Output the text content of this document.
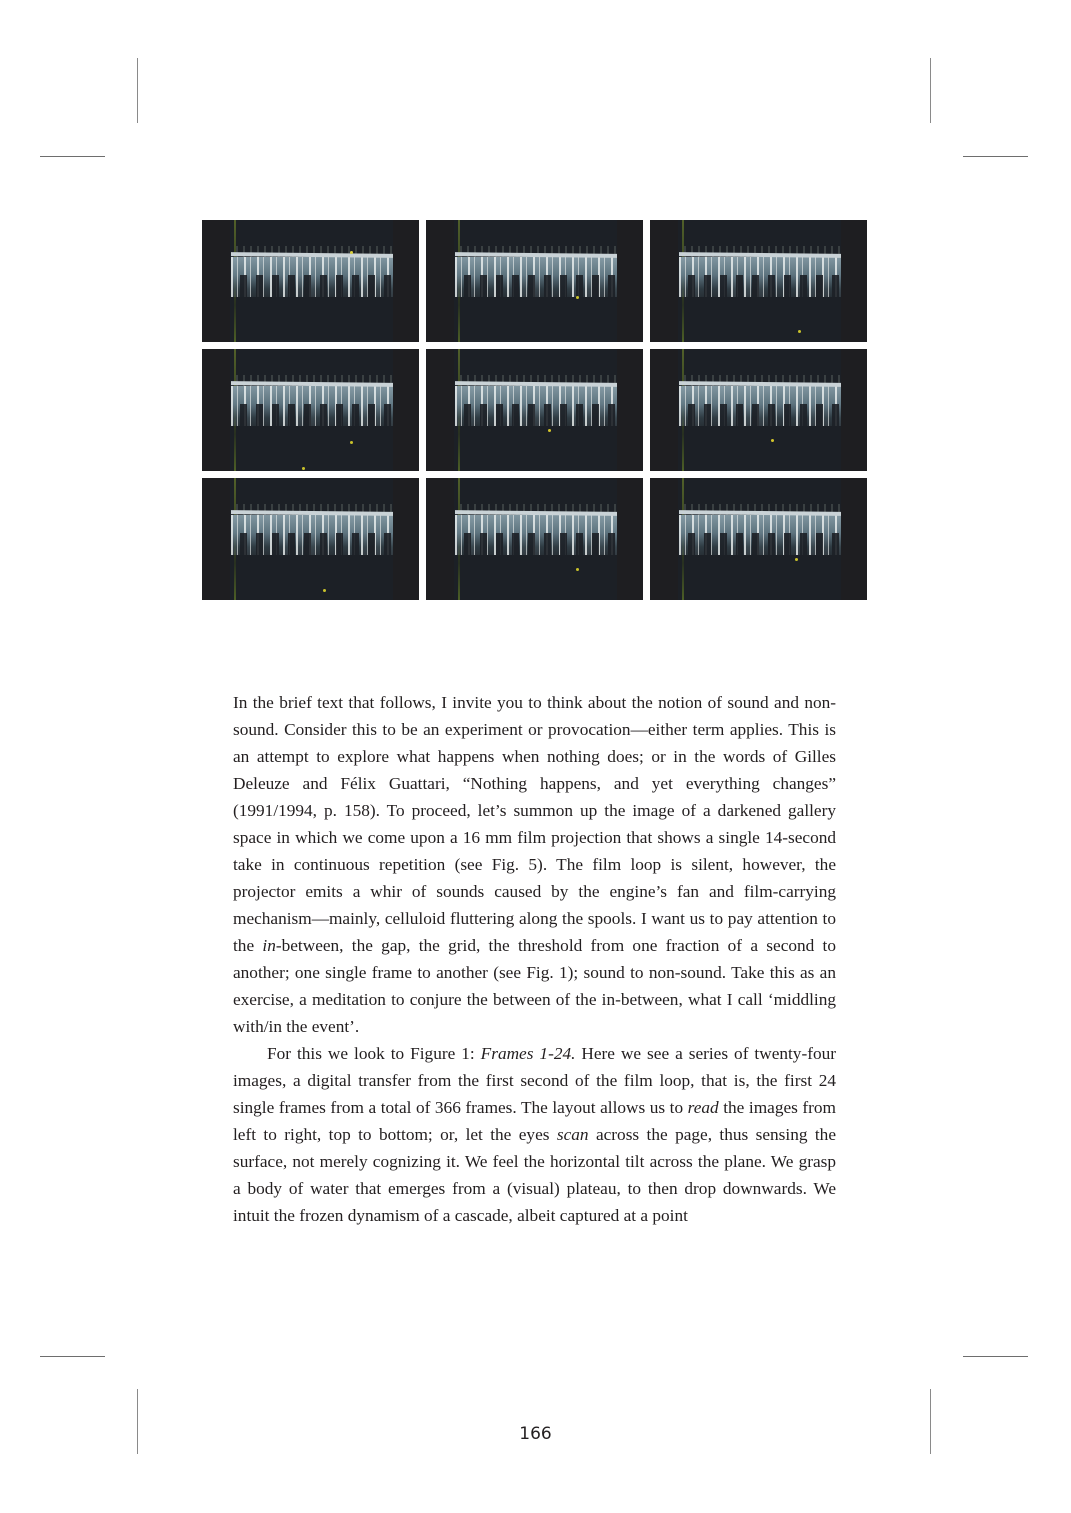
In the brief text that follows, I invite you to think about the notion of sound and non-sound. Consider this to be an experiment or provocation—either term applies. This is an attempt to explore what happens when nothing does; or in the words of Gilles Deleuze and Félix Guattari, “Nothing happens, and yet everything changes” (1991/1994, p. 158). To proceed, let’s summon up the image of a darkened gallery space in which we come upon a 16 mm film projection that shows a single 14-second take in continuous repetition (see Fig. 5). The film loop is silent, however, the projector emits a whir of sounds caused by the engine’s fan and film-carrying mechanism—mainly, celluloid fluttering along the spools. I want us to pay attention to the in-between, the gap, the grid, the threshold from one fraction of a second to another; one single frame to another (see Fig. 1); sound to non-sound. Take this as an exercise, a meditation to conjure the between of the in-between, what I call ‘middling with/in the event’.

For this we look to Figure 1: Frames 1-24. Here we see a series of twenty-four images, a digital transfer from the first second of the film loop, that is, the first 24 single frames from a total of 366 frames. The layout allows us to read the images from left to right, top to bottom; or, let the eyes scan across the page, thus sensing the surface, not merely cognizing it. We feel the horizontal tilt across the plane. We grasp a body of water that emerges from a (visual) plateau, to then drop downwards. We intuit the frozen dynamism of a cascade, albeit captured at a point

166
